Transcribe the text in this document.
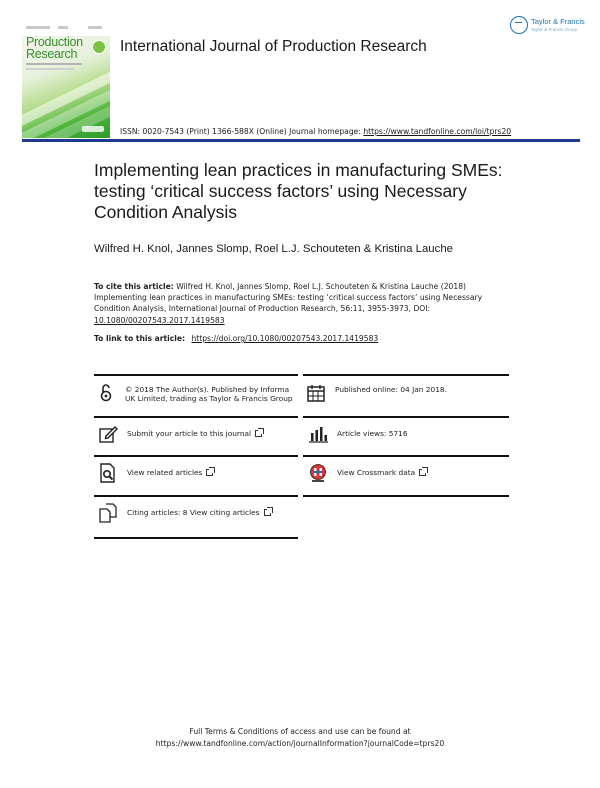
Production
Research	International Journal of Production Research
Taylor & Francis
Taylor & Francis Group
ISSN: 0020-7543 (Print) 1366-588X (Online) Journal homepage: https://www.tandfonline.com/loi/tprs20
Implementing lean practices in manufacturing SMEs: testing ‘critical success factors’ using Necessary Condition Analysis
Wilfred H. Knol, Jannes Slomp, Roel L.J. Schouteten & Kristina Lauche
To cite this article: Wilfred H. Knol, Jannes Slomp, Roel L.J. Schouteten & Kristina Lauche (2018) Implementing lean practices in manufacturing SMEs: testing ‘critical success factors’ using Necessary Condition Analysis, International Journal of Production Research, 56:11, 3955-3973, DOI: 10.1080/00207543.2017.1419583
To link to this article: https://doi.org/10.1080/00207543.2017.1419583
© 2018 The Author(s). Published by Informa UK Limited, trading as Taylor & Francis Group
Published online: 04 Jan 2018.
Submit your article to this journal	Article views: 5716
View related articles	View Crossmark data
Citing articles: 8 View citing articles
Full Terms & Conditions of access and use can be found at
https://www.tandfonline.com/action/journalInformation?journalCode=tprs20
